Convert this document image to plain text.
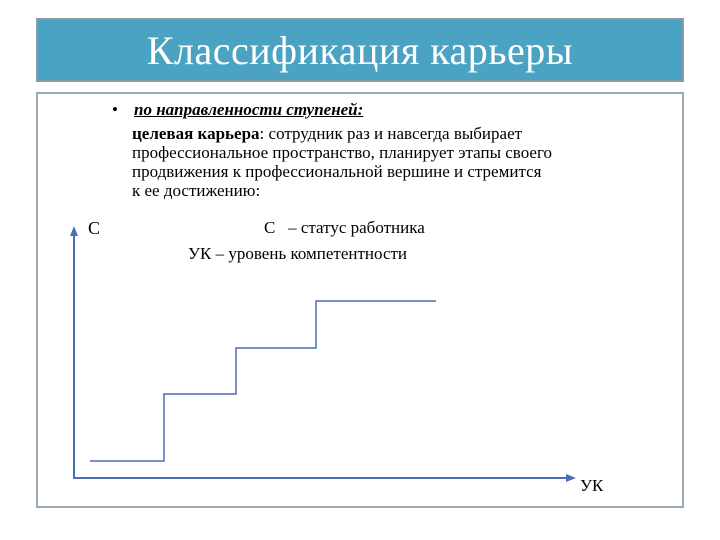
Классификация карьеры
• по направленности ступеней:
целевая карьера: сотрудник раз и навсегда выбирает
профессиональное пространство, планирует этапы своего
продвижения к профессиональной вершине и стремится
к ее достижению:
С	С   – статус работника
УК – уровень компетентности
УК
